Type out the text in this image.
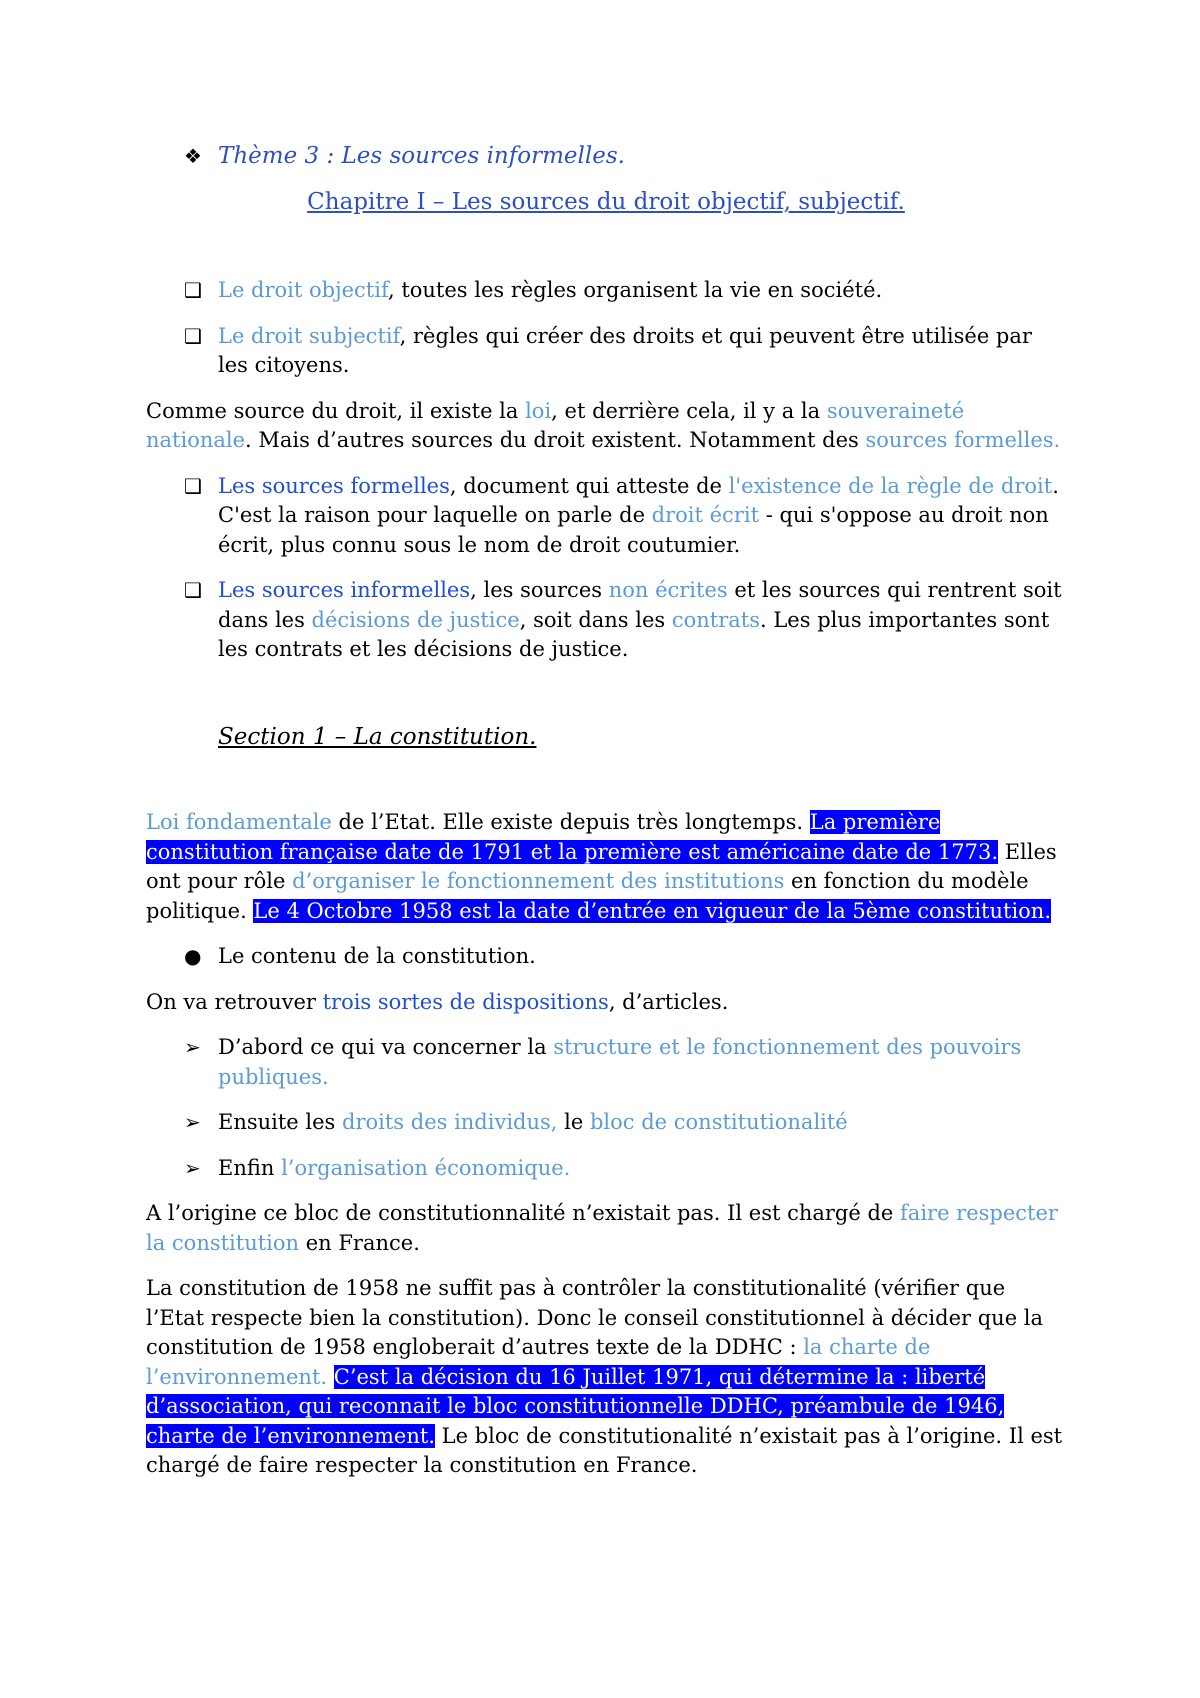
❖ Thème 3 : Les sources informelles.

Chapitre I – Les sources du droit objectif, subjectif.

❑ Le droit objectif, toutes les règles organisent la vie en société.
❑ Le droit subjectif, règles qui créer des droits et qui peuvent être utilisée par les citoyens.

Comme source du droit, il existe la loi, et derrière cela, il y a la souveraineté nationale. Mais d’autres sources du droit existent. Notamment des sources formelles.

❑ Les sources formelles, document qui atteste de l'existence de la règle de droit. C'est la raison pour laquelle on parle de droit écrit - qui s'oppose au droit non écrit, plus connu sous le nom de droit coutumier.
❑ Les sources informelles, les sources non écrites et les sources qui rentrent soit dans les décisions de justice, soit dans les contrats. Les plus importantes sont les contrats et les décisions de justice.

Section 1 – La constitution.

Loi fondamentale de l’Etat. Elle existe depuis très longtemps. La première constitution française date de 1791 et la première est américaine date de 1773. Elles ont pour rôle d’organiser le fonctionnement des institutions en fonction du modèle politique. Le 4 Octobre 1958 est la date d’entrée en vigueur de la 5ème constitution.

● Le contenu de la constitution.

On va retrouver trois sortes de dispositions, d’articles.

➢ D’abord ce qui va concerner la structure et le fonctionnement des pouvoirs publiques.
➢ Ensuite les droits des individus, le bloc de constitutionalité
➢ Enfin l’organisation économique.

A l’origine ce bloc de constitutionnalité n’existait pas. Il est chargé de faire respecter la constitution en France.

La constitution de 1958 ne suffit pas à contrôler la constitutionalité (vérifier que l’Etat respecte bien la constitution). Donc le conseil constitutionnel à décider que la constitution de 1958 engloberait d’autres texte de la DDHC : la charte de l’environnement. C’est la décision du 16 Juillet 1971, qui détermine la : liberté d’association, qui reconnait le bloc constitutionnelle DDHC, préambule de 1946, charte de l’environnement. Le bloc de constitutionalité n’existait pas à l’origine. Il est chargé de faire respecter la constitution en France.
